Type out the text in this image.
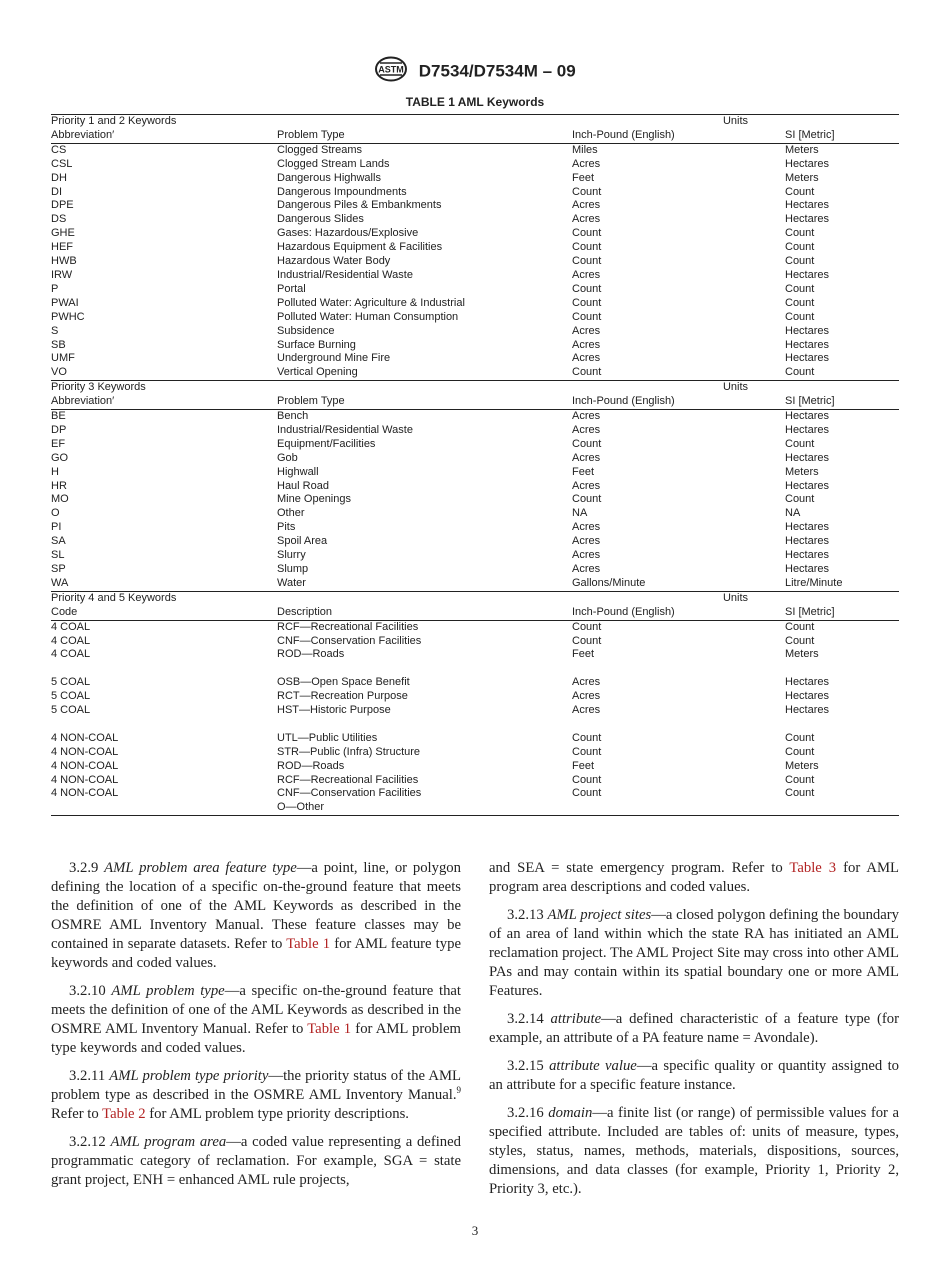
ASTM D7534/D7534M – 09
TABLE 1 AML Keywords
Priority 1 and 2 Keywords		Units	
Abbreviation′	Problem Type	Inch-Pound (English)	SI [Metric]
CS	Clogged Streams	Miles	Meters
CSL	Clogged Stream Lands	Acres	Hectares
DH	Dangerous Highwalls	Feet	Meters
DI	Dangerous Impoundments	Count	Count
DPE	Dangerous Piles & Embankments	Acres	Hectares
DS	Dangerous Slides	Acres	Hectares
GHE	Gases: Hazardous/Explosive	Count	Count
HEF	Hazardous Equipment & Facilities	Count	Count
HWB	Hazardous Water Body	Count	Count
IRW	Industrial/Residential Waste	Acres	Hectares
P	Portal	Count	Count
PWAI	Polluted Water: Agriculture & Industrial	Count	Count
PWHC	Polluted Water: Human Consumption	Count	Count
S	Subsidence	Acres	Hectares
SB	Surface Burning	Acres	Hectares
UMF	Underground Mine Fire	Acres	Hectares
VO	Vertical Opening	Count	Count
Priority 3 Keywords		Units	
Abbreviation′	Problem Type	Inch-Pound (English)	SI [Metric]
BE	Bench	Acres	Hectares
DP	Industrial/Residential Waste	Acres	Hectares
EF	Equipment/Facilities	Count	Count
GO	Gob	Acres	Hectares
H	Highwall	Feet	Meters
HR	Haul Road	Acres	Hectares
MO	Mine Openings	Count	Count
O	Other	NA	NA
PI	Pits	Acres	Hectares
SA	Spoil Area	Acres	Hectares
SL	Slurry	Acres	Hectares
SP	Slump	Acres	Hectares
WA	Water	Gallons/Minute	Litre/Minute
Priority 4 and 5 Keywords		Units	
Code	Description	Inch-Pound (English)	SI [Metric]
4 COAL	RCF—Recreational Facilities	Count	Count
4 COAL	CNF—Conservation Facilities	Count	Count
4 COAL	ROD—Roads	Feet	Meters

5 COAL	OSB—Open Space Benefit	Acres	Hectares
5 COAL	RCT—Recreation Purpose	Acres	Hectares
5 COAL	HST—Historic Purpose	Acres	Hectares

4 NON-COAL	UTL—Public Utilities	Count	Count
4 NON-COAL	STR—Public (Infra) Structure	Count	Count
4 NON-COAL	ROD—Roads	Feet	Meters
4 NON-COAL	RCF—Recreational Facilities	Count	Count
4 NON-COAL	CNF—Conservation Facilities	Count	Count
	O—Other		

3.2.9 AML problem area feature type—a point, line, or polygon defining the location of a specific on-the-ground feature that meets the definition of one of the AML Keywords as described in the OSMRE AML Inventory Manual. These feature classes may be contained in separate datasets. Refer to Table 1 for AML feature type keywords and coded values.

3.2.10 AML problem type—a specific on-the-ground feature that meets the definition of one of the AML Keywords as described in the OSMRE AML Inventory Manual. Refer to Table 1 for AML problem type keywords and coded values.

3.2.11 AML problem type priority—the priority status of the AML problem type as described in the OSMRE AML Inventory Manual.$^9$ Refer to Table 2 for AML problem type priority descriptions.

3.2.12 AML program area—a coded value representing a defined programmatic category of reclamation. For example, SGA = state grant project, ENH = enhanced AML rule projects,

and SEA = state emergency program. Refer to Table 3 for AML program area descriptions and coded values.

3.2.13 AML project sites—a closed polygon defining the boundary of an area of land within which the state RA has initiated an AML reclamation project. The AML Project Site may cross into other AML PAs and may contain within its spatial boundary one or more AML Features.

3.2.14 attribute—a defined characteristic of a feature type (for example, an attribute of a PA feature name = Avondale).

3.2.15 attribute value—a specific quality or quantity assigned to an attribute for a specific feature instance.

3.2.16 domain—a finite list (or range) of permissible values for a specified attribute. Included are tables of: units of measure, types, styles, status, names, methods, materials, dispositions, sources, dimensions, and data classes (for example, Priority 1, Priority 2, Priority 3, etc.).

3
